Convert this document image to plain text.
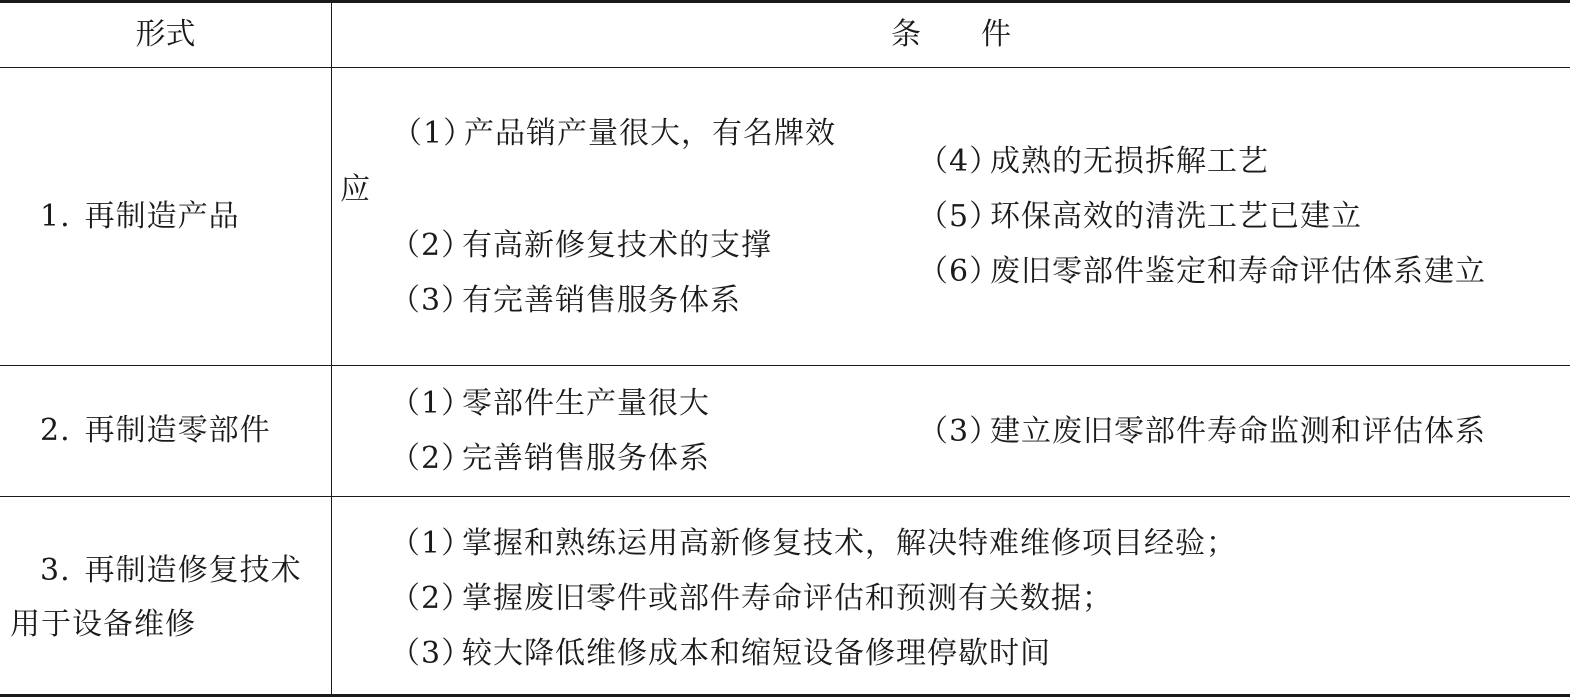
形式	条 件
1. 再制造产品
（1）产品销产量很大，有名牌效应
（2）有高新修复技术的支撑
（3）有完善销售服务体系
（4）成熟的无损拆解工艺
（5）环保高效的清洗工艺已建立
（6）废旧零部件鉴定和寿命评估体系建立
2. 再制造零部件
（1）零部件生产量很大
（2）完善销售服务体系
（3）建立废旧零部件寿命监测和评估体系
3. 再制造修复技术
用于设备维修
（1）掌握和熟练运用高新修复技术，解决特难维修项目经验；
（2）掌握废旧零件或部件寿命评估和预测有关数据；
（3）较大降低维修成本和缩短设备修理停歇时间
